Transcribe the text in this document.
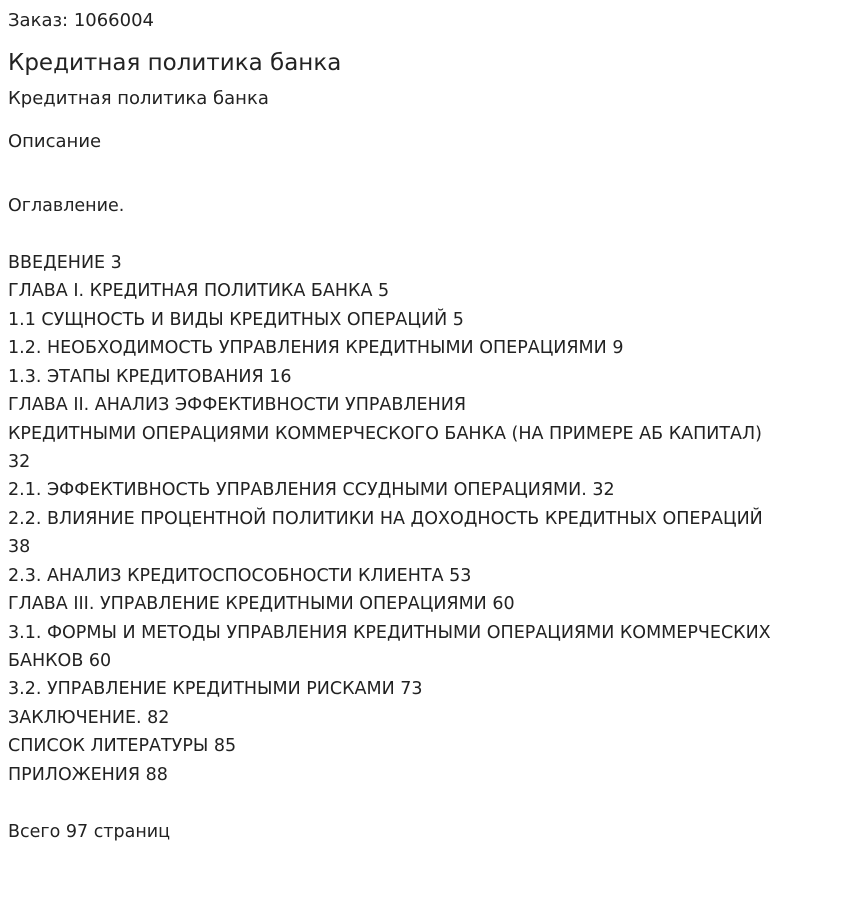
Заказ: 1066004
Кредитная политика банка
Кредитная политика банка
Описание
Оглавление.
ВВЕДЕНИЕ 3
ГЛАВА I. КРЕДИТНАЯ ПОЛИТИКА БАНКА 5
1.1 СУЩНОСТЬ И ВИДЫ КРЕДИТНЫХ ОПЕРАЦИЙ 5
1.2. НЕОБХОДИМОСТЬ УПРАВЛЕНИЯ КРЕДИТНЫМИ ОПЕРАЦИЯМИ 9
1.3. ЭТАПЫ КРЕДИТОВАНИЯ 16
ГЛАВА II. АНАЛИЗ ЭФФЕКТИВНОСТИ УПРАВЛЕНИЯ
КРЕДИТНЫМИ ОПЕРАЦИЯМИ КОММЕРЧЕСКОГО БАНКА (НА ПРИМЕРЕ АБ КАПИТАЛ)
32
2.1. ЭФФЕКТИВНОСТЬ УПРАВЛЕНИЯ ССУДНЫМИ ОПЕРАЦИЯМИ. 32
2.2. ВЛИЯНИЕ ПРОЦЕНТНОЙ ПОЛИТИКИ НА ДОХОДНОСТЬ КРЕДИТНЫХ ОПЕРАЦИЙ
38
2.3. АНАЛИЗ КРЕДИТОСПОСОБНОСТИ КЛИЕНТА 53
ГЛАВА III. УПРАВЛЕНИЕ КРЕДИТНЫМИ ОПЕРАЦИЯМИ 60
3.1. ФОРМЫ И МЕТОДЫ УПРАВЛЕНИЯ КРЕДИТНЫМИ ОПЕРАЦИЯМИ КОММЕРЧЕСКИХ
БАНКОВ 60
3.2. УПРАВЛЕНИЕ КРЕДИТНЫМИ РИСКАМИ 73
ЗАКЛЮЧЕНИЕ. 82
СПИСОК ЛИТЕРАТУРЫ 85
ПРИЛОЖЕНИЯ 88
Всего 97 страниц
